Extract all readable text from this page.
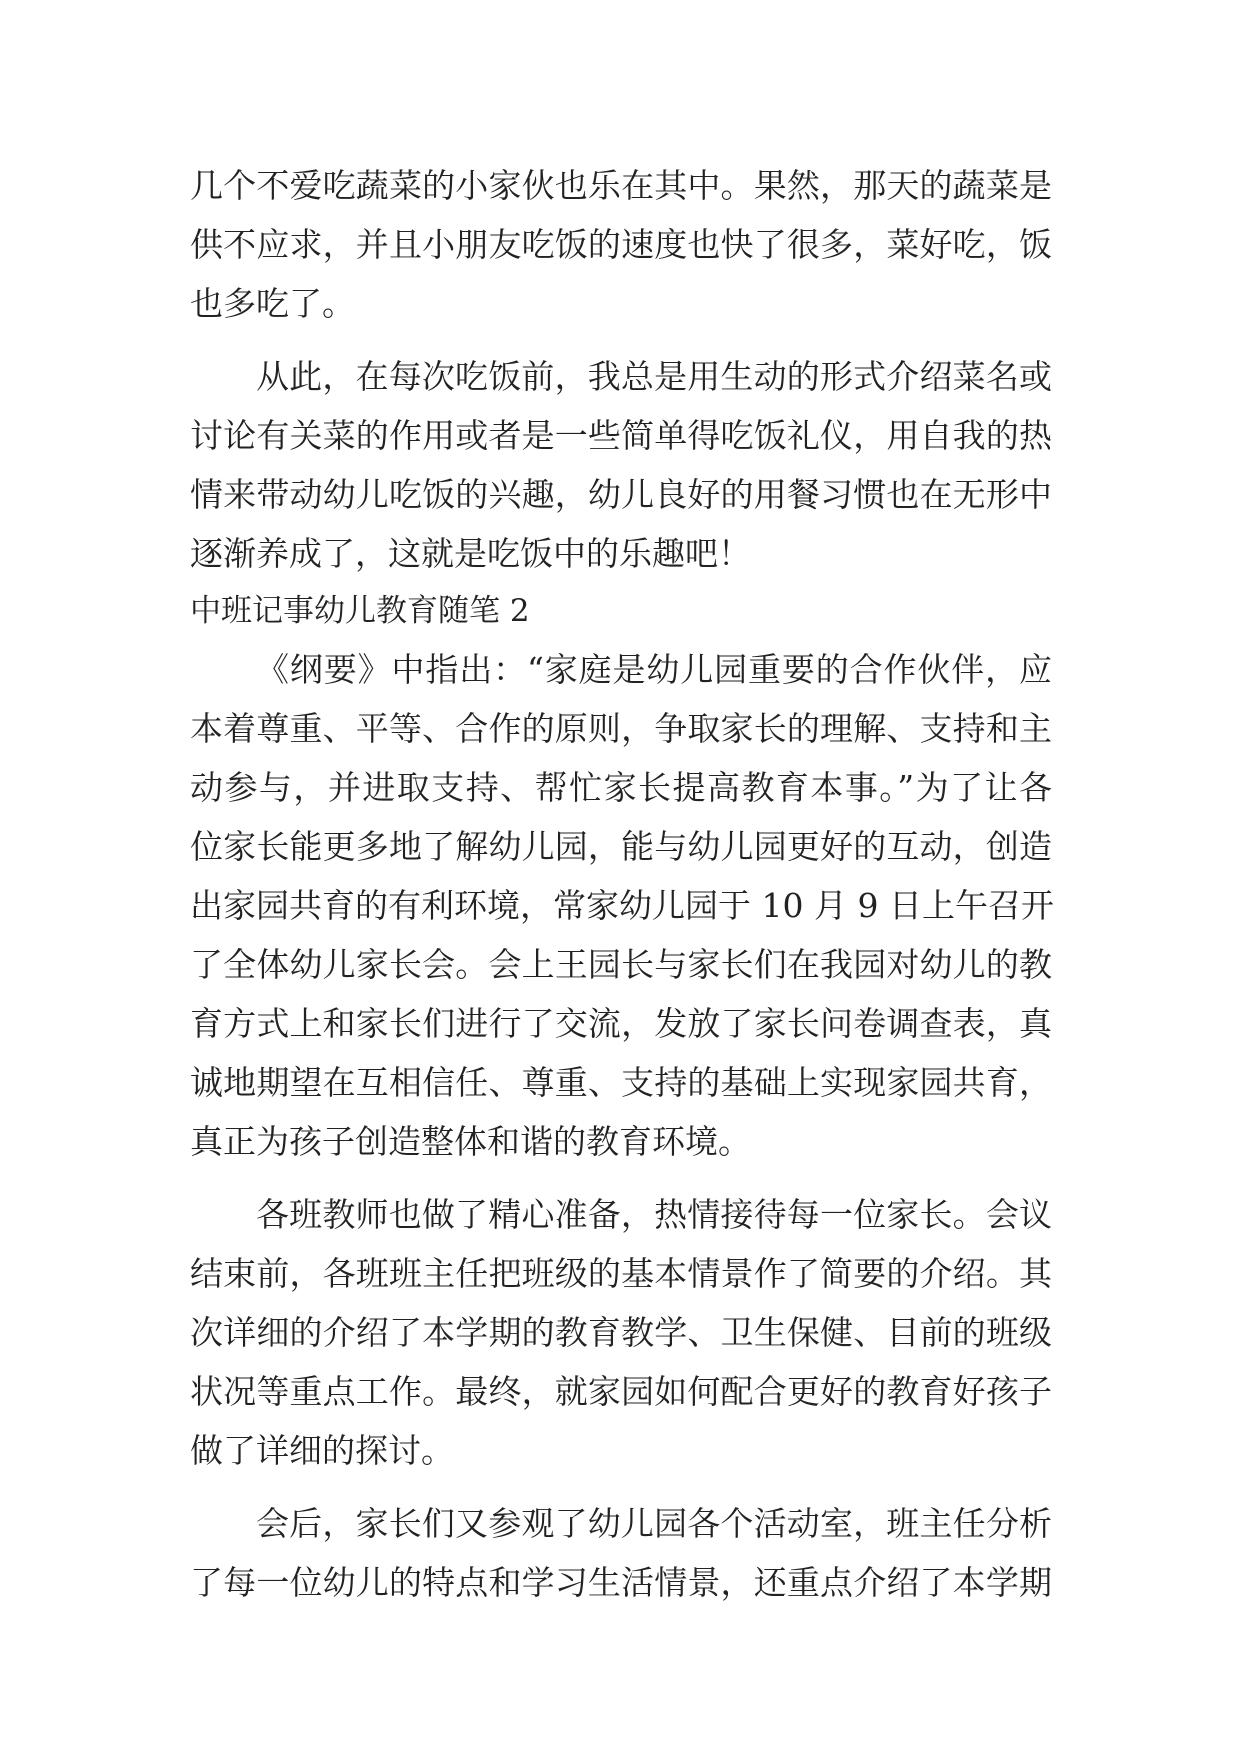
几个不爱吃蔬菜的小家伙也乐在其中。果然，那天的蔬菜是
供不应求，并且小朋友吃饭的速度也快了很多，菜好吃，饭
也多吃了。
从此，在每次吃饭前，我总是用生动的形式介绍菜名或
讨论有关菜的作用或者是一些简单得吃饭礼仪，用自我的热
情来带动幼儿吃饭的兴趣，幼儿良好的用餐习惯也在无形中
逐渐养成了，这就是吃饭中的乐趣吧！
中班记事幼儿教育随笔 2
《纲要》中指出：“家庭是幼儿园重要的合作伙伴，应
本着尊重、平等、合作的原则，争取家长的理解、支持和主
动参与，并进取支持、帮忙家长提高教育本事。”为了让各
位家长能更多地了解幼儿园，能与幼儿园更好的互动，创造
出家园共育的有利环境，常家幼儿园于 10 月 9 日上午召开
了全体幼儿家长会。会上王园长与家长们在我园对幼儿的教
育方式上和家长们进行了交流，发放了家长问卷调查表，真
诚地期望在互相信任、尊重、支持的基础上实现家园共育，
真正为孩子创造整体和谐的教育环境。
各班教师也做了精心准备，热情接待每一位家长。会议
结束前，各班班主任把班级的基本情景作了简要的介绍。其
次详细的介绍了本学期的教育教学、卫生保健、目前的班级
状况等重点工作。最终，就家园如何配合更好的教育好孩子
做了详细的探讨。
会后，家长们又参观了幼儿园各个活动室，班主任分析
了每一位幼儿的特点和学习生活情景，还重点介绍了本学期
